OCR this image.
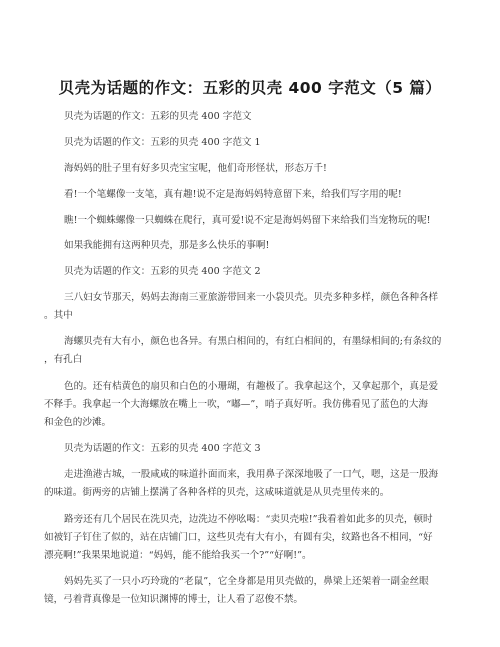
贝壳为话题的作文：五彩的贝壳 400 字范文（5 篇）
贝壳为话题的作文：五彩的贝壳 400 字范文
贝壳为话题的作文：五彩的贝壳 400 字范文 1
海妈妈的肚子里有好多贝壳宝宝呢，他们奇形怪状，形态万千!
看!一个笔螺像一支笔，真有趣!说不定是海妈妈特意留下来，给我们写字用的呢!
瞧!一个蜘蛛螺像一只蜘蛛在爬行，真可爱!说不定是海妈妈留下来给我们当宠物玩的呢!
如果我能拥有这两种贝壳，那是多么快乐的事啊!
贝壳为话题的作文：五彩的贝壳 400 字范文 2
三八妇女节那天，妈妈去海南三亚旅游带回来一小袋贝壳。贝壳多种多样，颜色各种各样
。其中
海螺贝壳有大有小，颜色也各异。有黑白相间的，有红白相间的，有墨绿相间的;有条纹的
，有孔白
色的。还有桔黄色的扇贝和白色的小珊瑚，有趣极了。我拿起这个，又拿起那个，真是爱
不释手。我拿起一个大海螺放在嘴上一吹，“嘟—”，哨子真好听。我仿佛看见了蓝色的大海
和金色的沙滩。
贝壳为话题的作文：五彩的贝壳 400 字范文 3
走进渔港古城，一股咸咸的味道扑面而来，我用鼻子深深地吸了一口气，嗯，这是一股海
的味道。街两旁的店铺上摆满了各种各样的贝壳，这咸味道就是从贝壳里传来的。
路旁还有几个居民在洗贝壳，边洗边不停吆喝：“卖贝壳啦!”我看着如此多的贝壳，顿时
如被钉子钉住了似的，站在店铺门口，这些贝壳有大有小，有圆有尖，纹路也各不相同，“好
漂亮啊!”我果果地说道：“妈妈，能不能给我买一个?”“好啊!”。
妈妈先买了一只小巧玲珑的“老鼠”，它全身都是用贝壳做的，鼻梁上还架着一副金丝眼
镜，弓着背真像是一位知识渊博的博士，让人看了忍俊不禁。
